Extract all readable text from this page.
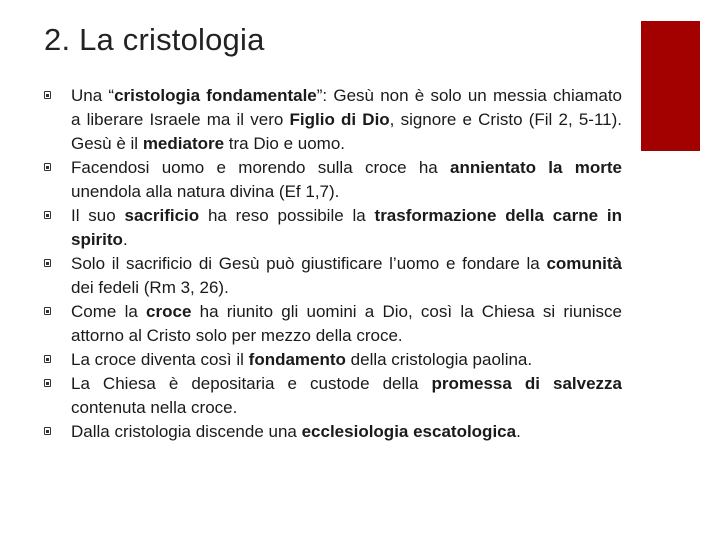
2. La cristologia
Una “cristologia fondamentale”: Gesù non è solo un messia chiamato a liberare Israele ma il vero Figlio di Dio, signore e Cristo (Fil 2, 5-11). Gesù è il mediatore tra Dio e uomo.
Facendosi uomo e morendo sulla croce ha annientato la morte unendola alla natura divina (Ef 1,7).
Il suo sacrificio ha reso possibile la trasformazione della carne in spirito.
Solo il sacrificio di Gesù può giustificare l’uomo e fondare la comunità dei fedeli (Rm 3, 26).
Come la croce ha riunito gli uomini a Dio, così la Chiesa si riunisce attorno al Cristo solo per mezzo della croce.
La croce diventa così il fondamento della cristologia paolina.
La Chiesa è depositaria e custode della promessa di salvezza contenuta nella croce.
Dalla cristologia discende una ecclesiologia escatologica.
